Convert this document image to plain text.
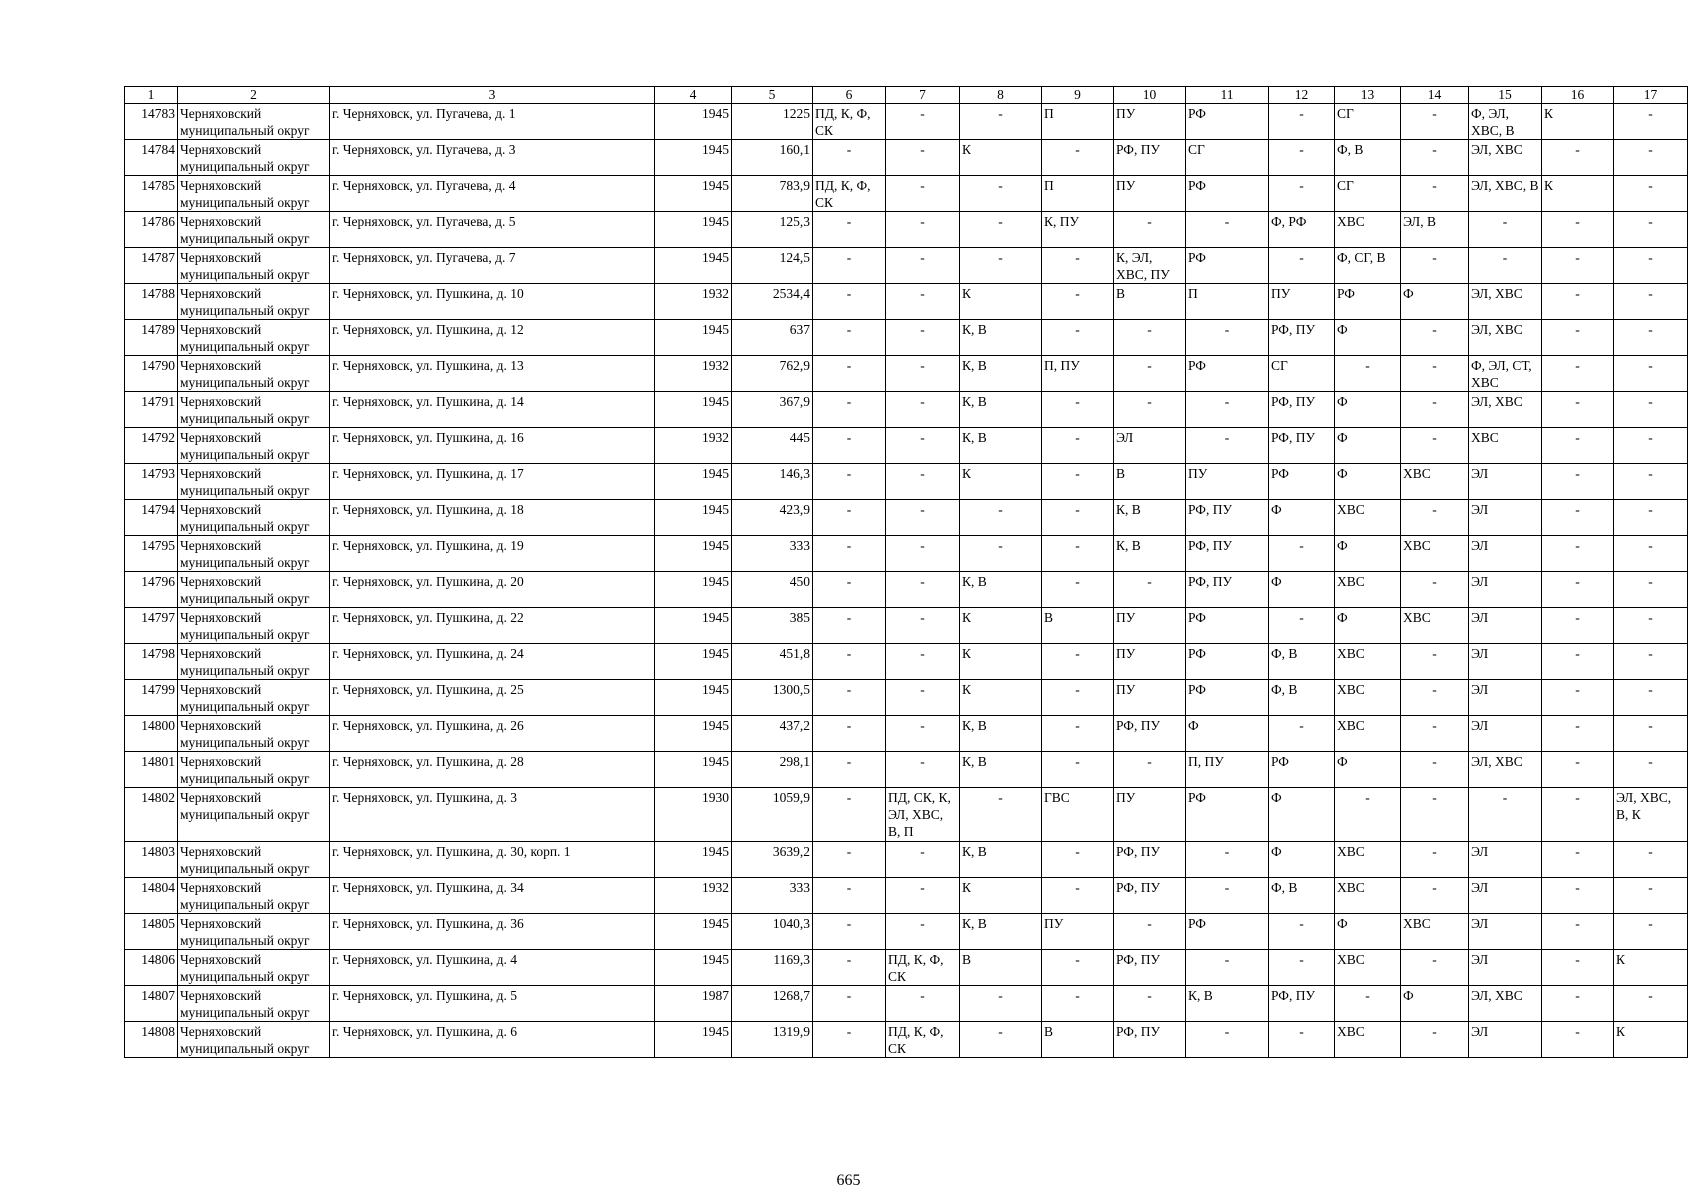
1	2	3	4	5	6	7	8	9	10	11	12	13	14	15	16	17
14783	Черняховский муниципальный округ	г. Черняховск, ул. Пугачева, д. 1	1945	1225	ПД, К, Ф, СК	-	-	П	ПУ	РФ	-	СГ	-	Ф, ЭЛ, ХВС, В	К	-
14784	Черняховский муниципальный округ	г. Черняховск, ул. Пугачева, д. 3	1945	160,1	-	-	К	-	РФ, ПУ	СГ	-	Ф, В	-	ЭЛ, ХВС	-	-
14785	Черняховский муниципальный округ	г. Черняховск, ул. Пугачева, д. 4	1945	783,9	ПД, К, Ф, СК	-	-	П	ПУ	РФ	-	СГ	-	ЭЛ, ХВС, В	К	-
14786	Черняховский муниципальный округ	г. Черняховск, ул. Пугачева, д. 5	1945	125,3	-	-	-	К, ПУ	-	-	Ф, РФ	ХВС	ЭЛ, В	-	-	-
14787	Черняховский муниципальный округ	г. Черняховск, ул. Пугачева, д. 7	1945	124,5	-	-	-	-	К, ЭЛ, ХВС, ПУ	РФ	-	Ф, СГ, В	-	-	-	-
14788	Черняховский муниципальный округ	г. Черняховск, ул. Пушкина, д. 10	1932	2534,4	-	-	К	-	В	П	ПУ	РФ	Ф	ЭЛ, ХВС	-	-
14789	Черняховский муниципальный округ	г. Черняховск, ул. Пушкина, д. 12	1945	637	-	-	К, В	-	-	-	РФ, ПУ	Ф	-	ЭЛ, ХВС	-	-
14790	Черняховский муниципальный округ	г. Черняховск, ул. Пушкина, д. 13	1932	762,9	-	-	К, В	П, ПУ	-	РФ	СГ	-	-	Ф, ЭЛ, СТ, ХВС	-	-
14791	Черняховский муниципальный округ	г. Черняховск, ул. Пушкина, д. 14	1945	367,9	-	-	К, В	-	-	-	РФ, ПУ	Ф	-	ЭЛ, ХВС	-	-
14792	Черняховский муниципальный округ	г. Черняховск, ул. Пушкина, д. 16	1932	445	-	-	К, В	-	ЭЛ	-	РФ, ПУ	Ф	-	ХВС	-	-
14793	Черняховский муниципальный округ	г. Черняховск, ул. Пушкина, д. 17	1945	146,3	-	-	К	-	В	ПУ	РФ	Ф	ХВС	ЭЛ	-	-
14794	Черняховский муниципальный округ	г. Черняховск, ул. Пушкина, д. 18	1945	423,9	-	-	-	-	К, В	РФ, ПУ	Ф	ХВС	-	ЭЛ	-	-
14795	Черняховский муниципальный округ	г. Черняховск, ул. Пушкина, д. 19	1945	333	-	-	-	-	К, В	РФ, ПУ	-	Ф	ХВС	ЭЛ	-	-
14796	Черняховский муниципальный округ	г. Черняховск, ул. Пушкина, д. 20	1945	450	-	-	К, В	-	-	РФ, ПУ	Ф	ХВС	-	ЭЛ	-	-
14797	Черняховский муниципальный округ	г. Черняховск, ул. Пушкина, д. 22	1945	385	-	-	К	В	ПУ	РФ	-	Ф	ХВС	ЭЛ	-	-
14798	Черняховский муниципальный округ	г. Черняховск, ул. Пушкина, д. 24	1945	451,8	-	-	К	-	ПУ	РФ	Ф, В	ХВС	-	ЭЛ	-	-
14799	Черняховский муниципальный округ	г. Черняховск, ул. Пушкина, д. 25	1945	1300,5	-	-	К	-	ПУ	РФ	Ф, В	ХВС	-	ЭЛ	-	-
14800	Черняховский муниципальный округ	г. Черняховск, ул. Пушкина, д. 26	1945	437,2	-	-	К, В	-	РФ, ПУ	Ф	-	ХВС	-	ЭЛ	-	-
14801	Черняховский муниципальный округ	г. Черняховск, ул. Пушкина, д. 28	1945	298,1	-	-	К, В	-	-	П, ПУ	РФ	Ф	-	ЭЛ, ХВС	-	-
14802	Черняховский муниципальный округ	г. Черняховск, ул. Пушкина, д. 3	1930	1059,9	-	ПД, СК, К, ЭЛ, ХВС, В, П	-	ГВС	ПУ	РФ	Ф	-	-	-	-	ЭЛ, ХВС, В, К
14803	Черняховский муниципальный округ	г. Черняховск, ул. Пушкина, д. 30, корп. 1	1945	3639,2	-	-	К, В	-	РФ, ПУ	-	Ф	ХВС	-	ЭЛ	-	-
14804	Черняховский муниципальный округ	г. Черняховск, ул. Пушкина, д. 34	1932	333	-	-	К	-	РФ, ПУ	-	Ф, В	ХВС	-	ЭЛ	-	-
14805	Черняховский муниципальный округ	г. Черняховск, ул. Пушкина, д. 36	1945	1040,3	-	-	К, В	ПУ	-	РФ	-	Ф	ХВС	ЭЛ	-	-
14806	Черняховский муниципальный округ	г. Черняховск, ул. Пушкина, д. 4	1945	1169,3	-	ПД, К, Ф, СК	В	-	РФ, ПУ	-	-	ХВС	-	ЭЛ	-	К
14807	Черняховский муниципальный округ	г. Черняховск, ул. Пушкина, д. 5	1987	1268,7	-	-	-	-	-	К, В	РФ, ПУ	-	Ф	ЭЛ, ХВС	-	-
14808	Черняховский муниципальный округ	г. Черняховск, ул. Пушкина, д. 6	1945	1319,9	-	ПД, К, Ф, СК	-	В	РФ, ПУ	-	-	ХВС	-	ЭЛ	-	К
665
